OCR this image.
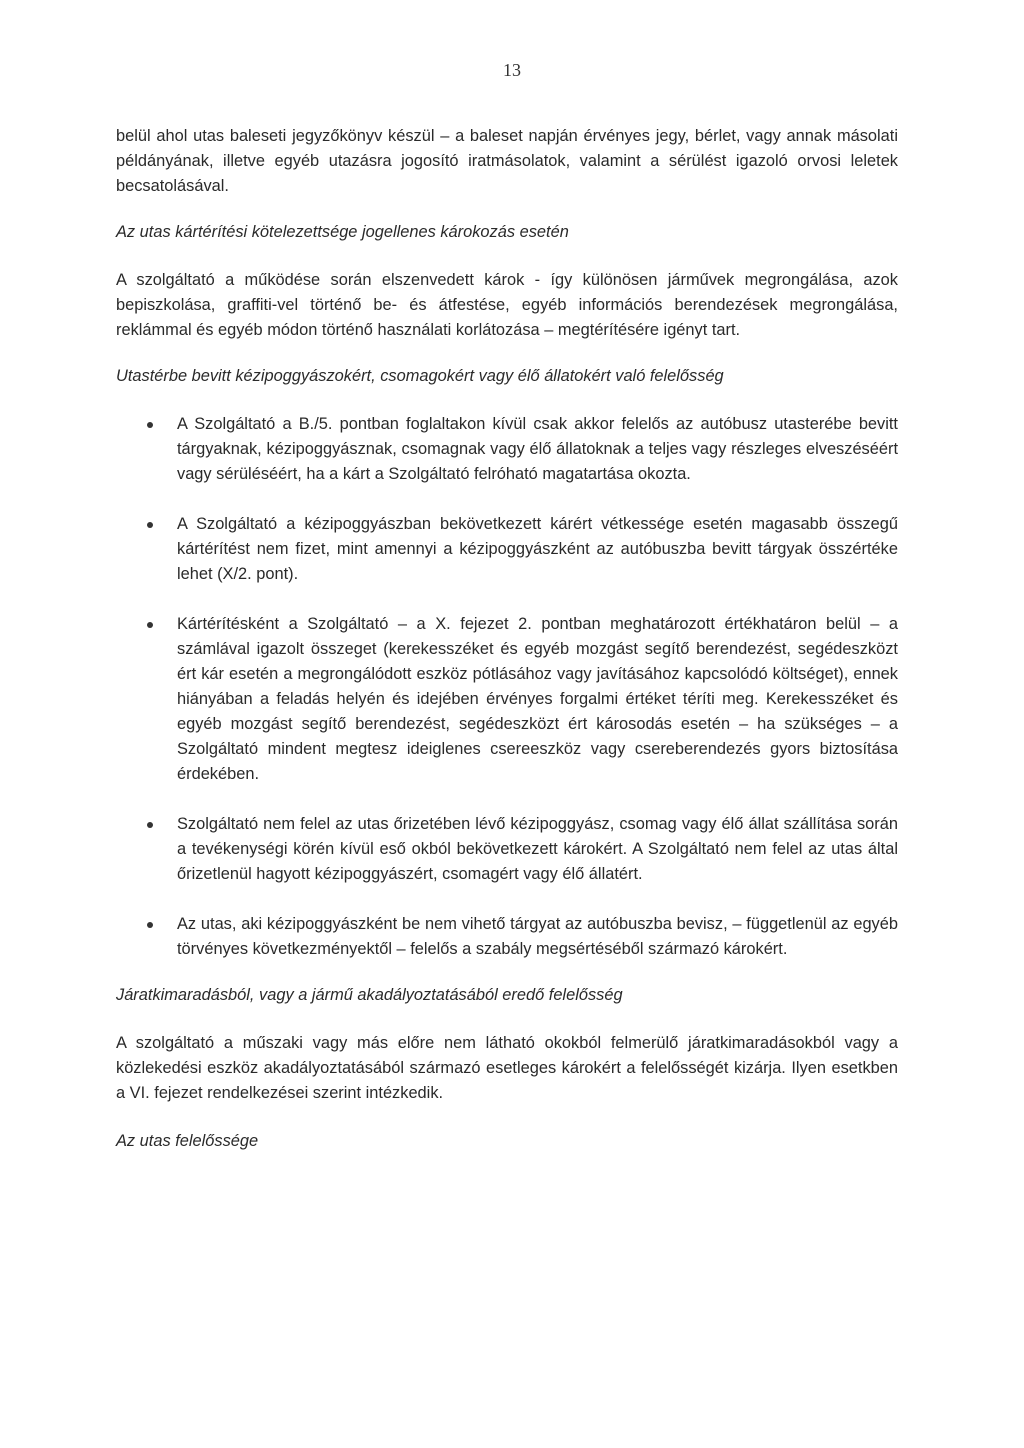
13

belül ahol utas baleseti jegyzőkönyv készül – a baleset napján érvényes jegy, bérlet, vagy annak másolati példányának, illetve egyéb utazásra jogosító iratmásolatok, valamint a sérülést igazoló orvosi leletek becsatolásával.

Az utas kártérítési kötelezettsége jogellenes károkozás esetén

A szolgáltató a működése során elszenvedett károk - így különösen járművek megrongálása, azok bepiszkolása, graffiti-vel történő be- és átfestése, egyéb információs berendezések megrongálása, reklámmal és egyéb módon történő használati korlátozása – megtérítésére igényt tart.

Utastérbe bevitt kézipoggyászokért, csomagokért vagy élő állatokért való felelősség

A Szolgáltató a B./5. pontban foglaltakon kívül csak akkor felelős az autóbusz utasterébe bevitt tárgyaknak, kézipoggyásznak, csomagnak vagy élő állatoknak a teljes vagy részleges elveszéséért vagy sérüléséért, ha a kárt a Szolgáltató felróható magatartása okozta.
A Szolgáltató a kézipoggyászban bekövetkezett kárért vétkessége esetén magasabb összegű kártérítést nem fizet, mint amennyi a kézipoggyászként az autóbuszba bevitt tárgyak összértéke lehet (X/2. pont).
Kártérítésként a Szolgáltató – a X. fejezet 2. pontban meghatározott értékhatáron belül – a számlával igazolt összeget (kerekesszéket és egyéb mozgást segítő berendezést, segédeszközt ért kár esetén a megrongálódott eszköz pótlásához vagy javításához kapcsolódó költséget), ennek hiányában a feladás helyén és idejében érvényes forgalmi értéket téríti meg. Kerekesszéket és egyéb mozgást segítő berendezést, segédeszközt ért károsodás esetén – ha szükséges – a Szolgáltató mindent megtesz ideiglenes csereeszköz vagy csereberendezés gyors biztosítása érdekében.
Szolgáltató nem felel az utas őrizetében lévő kézipoggyász, csomag vagy élő állat szállítása során a tevékenységi körén kívül eső okból bekövetkezett károkért. A Szolgáltató nem felel az utas által őrizetlenül hagyott kézipoggyászért, csomagért vagy élő állatért.
Az utas, aki kézipoggyászként be nem vihető tárgyat az autóbuszba bevisz, – függetlenül az egyéb törvényes következményektől – felelős a szabály megsértéséből származó károkért.

Járatkimaradásból, vagy a jármű akadályoztatásából eredő felelősség

A szolgáltató a műszaki vagy más előre nem látható okokból felmerülő járatkimaradásokból vagy a közlekedési eszköz akadályoztatásából származó esetleges károkért a felelősségét kizárja. Ilyen esetkben a VI. fejezet rendelkezései szerint intézkedik.

Az utas felelőssége
